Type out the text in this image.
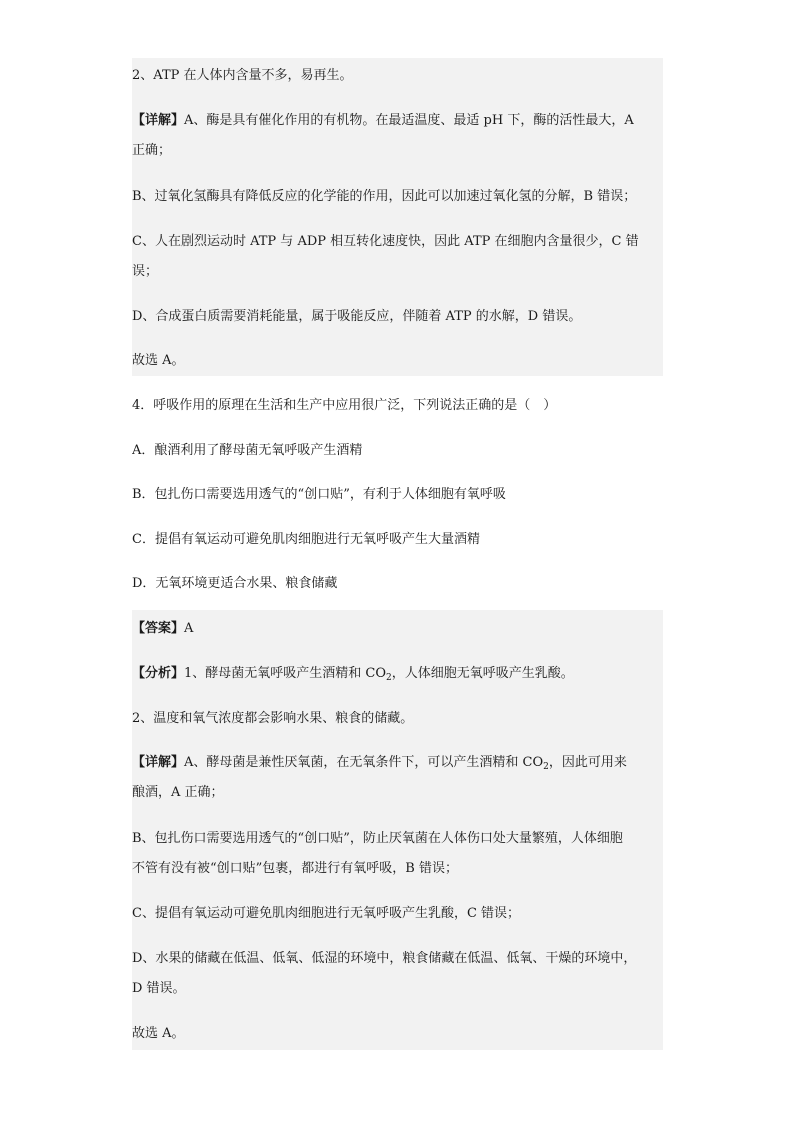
2、ATP 在人体内含量不多，易再生。
【详解】A、酶是具有催化作用的有机物。在最适温度、最适 pH 下，酶的活性最大，A
正确；
B、过氧化氢酶具有降低反应的化学能的作用，因此可以加速过氧化氢的分解，B 错误；
C、人在剧烈运动时 ATP 与 ADP 相互转化速度快，因此 ATP 在细胞内含量很少，C 错
误；
D、合成蛋白质需要消耗能量，属于吸能反应，伴随着 ATP 的水解，D 错误。
故选 A。
4．呼吸作用的原理在生活和生产中应用很广泛，下列说法正确的是（　）
A．酿酒利用了酵母菌无氧呼吸产生酒精
B．包扎伤口需要选用透气的“创口贴”，有利于人体细胞有氧呼吸
C．提倡有氧运动可避免肌肉细胞进行无氧呼吸产生大量酒精
D．无氧环境更适合水果、粮食储藏
【答案】A
【分析】1、酵母菌无氧呼吸产生酒精和 $CO_2$，人体细胞无氧呼吸产生乳酸。
2、温度和氧气浓度都会影响水果、粮食的储藏。
【详解】A、酵母菌是兼性厌氧菌，在无氧条件下，可以产生酒精和 $CO_2$，因此可用来
酿酒，A 正确；
B、包扎伤口需要选用透气的“创口贴”，防止厌氧菌在人体伤口处大量繁殖，人体细胞
不管有没有被“创口贴”包裹，都进行有氧呼吸，B 错误；
C、提倡有氧运动可避免肌肉细胞进行无氧呼吸产生乳酸，C 错误；
D、水果的储藏在低温、低氧、低湿的环境中，粮食储藏在低温、低氧、干燥的环境中，
D 错误。
故选 A。
